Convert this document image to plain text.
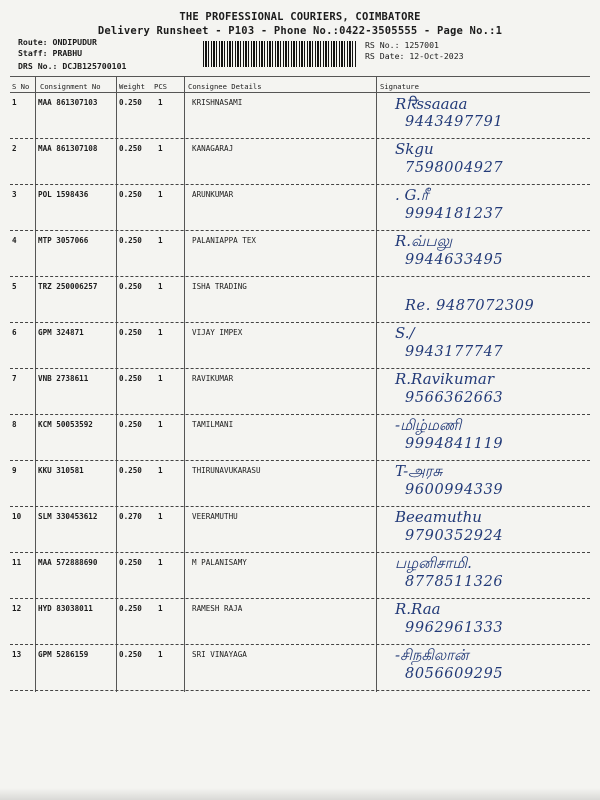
THE PROFESSIONAL COURIERS, COIMBATORE
Delivery Runsheet - P103 - Phone No.:0422-3505555 - Page No.:1
Route: ONDIPUDUR
Staff: PRABHU
DRS No.: DCJB125700101
RS No.: 1257001
RS Date: 12-Oct-2023
S No Consignment No	Weight PCS	Consignee Details	Signature
1	MAA 861307103	0.250 1	KRISHNASAMI	Rरिssaaaa
9443497791
2	MAA 861307108	0.250 1	KANAGARAJ	Skgu
7598004927
3	POL 1598436	0.250 1	ARUNKUMAR	. G.ரீ
9994181237
4	MTP 3057066	0.250 1	PALANIAPPA TEX	R.வ்பலு
9944633495
5	TRZ 250006257	0.250 1	ISHA TRADING
Re. 9487072309
6	GPM 324871	0.250 1	VIJAY IMPEX	S.∕
9943177747
7	VNB 2738611	0.250 1	RAVIKUMAR	R.Ravikumar
9566362663
8	KCM 50053592	0.250 1	TAMILMANI	-மிழ்மணி
9994841119
9	KKU 310581	0.250 1	THIRUNAVUKARASU	T-அரசு
9600994339
10 SLM 330453612	0.270 1	VEERAMUTHU	Beeamuthu
9790352924
11 MAA 572888690	0.250 1	M PALANISAMY	பழனிசாமி.
8778511326
12 HYD 83038011	0.250 1	RAMESH RAJA	R.Raa
9962961333
13 GPM 5286159	0.250 1	SRI VINAYAGA	-சிநகிலான்
8056609295
